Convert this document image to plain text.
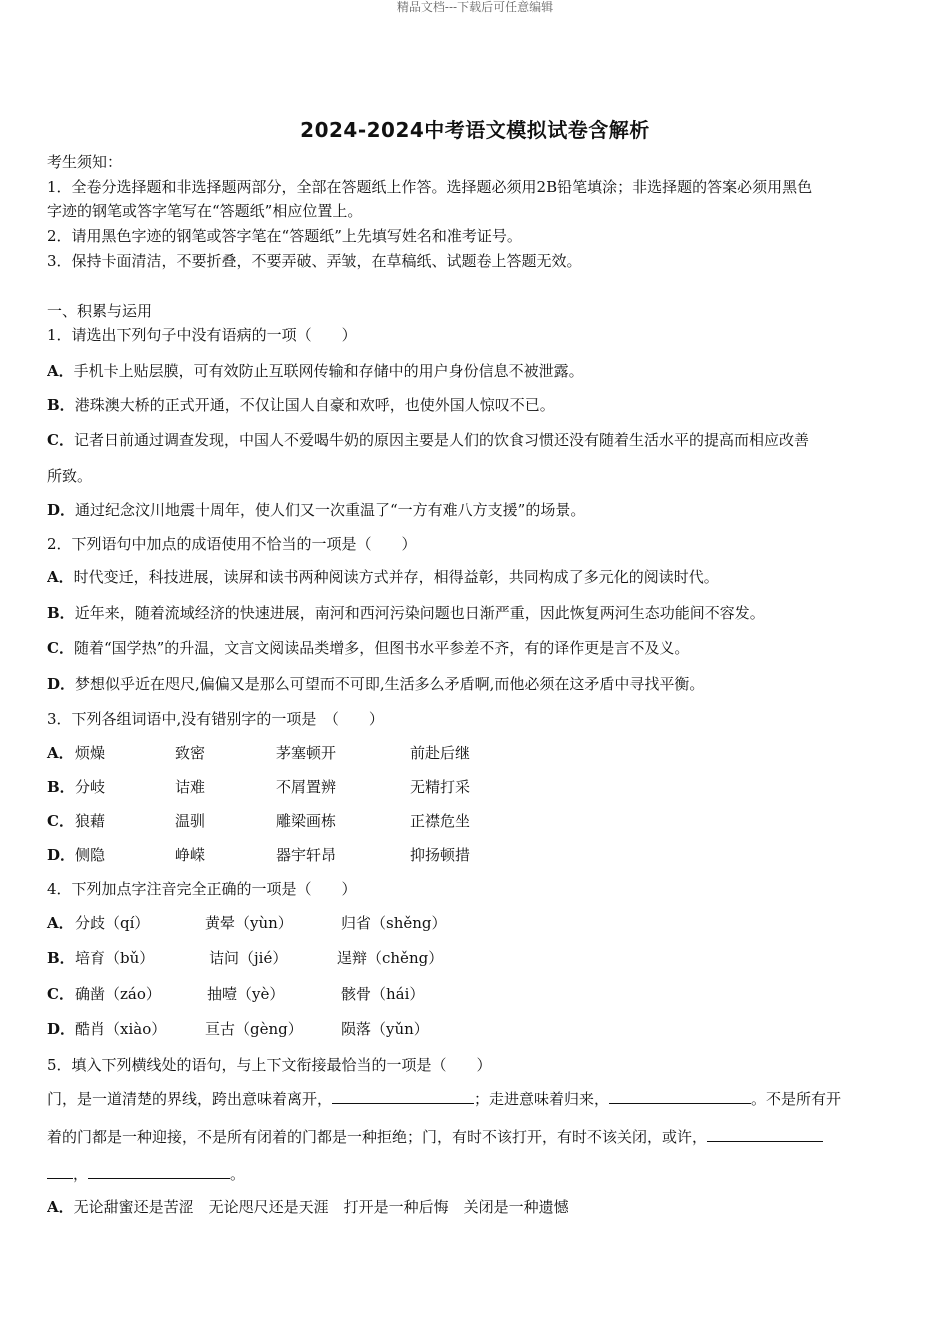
精品文档---下载后可任意编辑
2024-2024中考语文模拟试卷含解析
考生须知：
1．全卷分选择题和非选择题两部分，全部在答题纸上作答。选择题必须用2B铅笔填涂；非选择题的答案必须用黑色
字迹的钢笔或答字笔写在“答题纸”相应位置上。
2．请用黑色字迹的钢笔或答字笔在“答题纸”上先填写姓名和准考证号。
3．保持卡面清洁，不要折叠，不要弄破、弄皱，在草稿纸、试题卷上答题无效。
一、积累与运用
1．请选出下列句子中没有语病的一项（　　）
A．手机卡上贴层膜，可有效防止互联网传输和存储中的用户身份信息不被泄露。
B．港珠澳大桥的正式开通，不仅让国人自豪和欢呼，也使外国人惊叹不已。
C．记者日前通过调查发现，中国人不爱喝牛奶的原因主要是人们的饮食习惯还没有随着生活水平的提高而相应改善
所致。
D．通过纪念汶川地震十周年，使人们又一次重温了“一方有难八方支援”的场景。
2．下列语句中加点的成语使用不恰当的一项是（　　）
A．时代变迁，科技进展，读屏和读书两种阅读方式并存，相得益彰，共同构成了多元化的阅读时代。
B．近年来，随着流域经济的快速进展，南河和西河污染问题也日渐严重，因此恢复两河生态功能间不容发。
C．随着“国学热”的升温，文言文阅读品类增多，但图书水平参差不齐，有的译作更是言不及义。
D．梦想似乎近在咫尺,偏偏又是那么可望而不可即,生活多么矛盾啊,而他必须在这矛盾中寻找平衡。
3．下列各组词语中,没有错别字的一项是　（　　）
A． 烦燥	致密	茅塞顿开	前赴后继
B． 分岐	诘难	不屑置辨	无精打采
C． 狼藉	温驯	雕梁画栋	正襟危坐
D． 侧隐	峥嵘	器宇轩昂	抑扬顿措
4．下列加点字注音完全正确的一项是（　　）
A． 分歧（qí）	黄晕（yùn）	归省（shěng）
B． 培育（bǔ）	诘问（jié）	逞辩（chěng）
C． 确凿（záo）	抽噎（yè）	骸骨（hái）
D． 酷肖（xiào）	亘古（gèng）	陨落（yǔn）
5．填入下列横线处的语句，与上下文衔接最恰当的一项是（　　）
门，是一道清楚的界线，跨出意味着离开，	；走进意味着归来，	。不是所有开
着的门都是一种迎接，不是所有闭着的门都是一种拒绝；门，有时不该打开，有时不该关闭，或许，
，	。
A．无论甜蜜还是苦涩　无论咫尺还是天涯　打开是一种后悔　关闭是一种遗憾
